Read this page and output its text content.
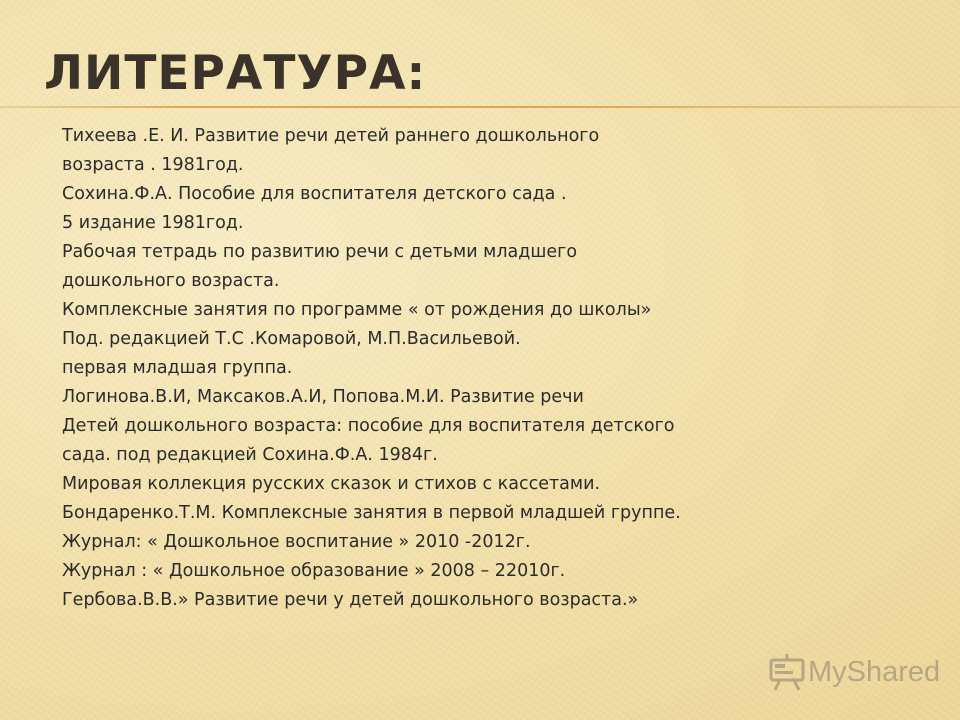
ЛИТЕРАТУРА:
Тихеева .Е. И. Развитие речи детей раннего дошкольного
возраста . 1981год.
Сохина.Ф.А. Пособие для воспитателя детского сада .
5 издание 1981год.
Рабочая тетрадь по развитию речи с детьми младшего
дошкольного возраста.
Комплексные занятия по программе « от рождения до школы»
Под. редакцией Т.С .Комаровой, М.П.Васильевой.
первая младшая группа.
Логинова.В.И, Максаков.А.И, Попова.М.И. Развитие речи
Детей дошкольного возраста: пособие для воспитателя детского
сада. под редакцией Сохина.Ф.А. 1984г.
Мировая коллекция русских сказок и стихов с кассетами.
Бондаренко.Т.М. Комплексные занятия в первой младшей группе.
Журнал: « Дошкольное воспитание » 2010 -2012г.
Журнал : « Дошкольное образование » 2008 – 22010г.
Гербова.В.В.» Развитие речи у детей дошкольного возраста.»
MyShared
